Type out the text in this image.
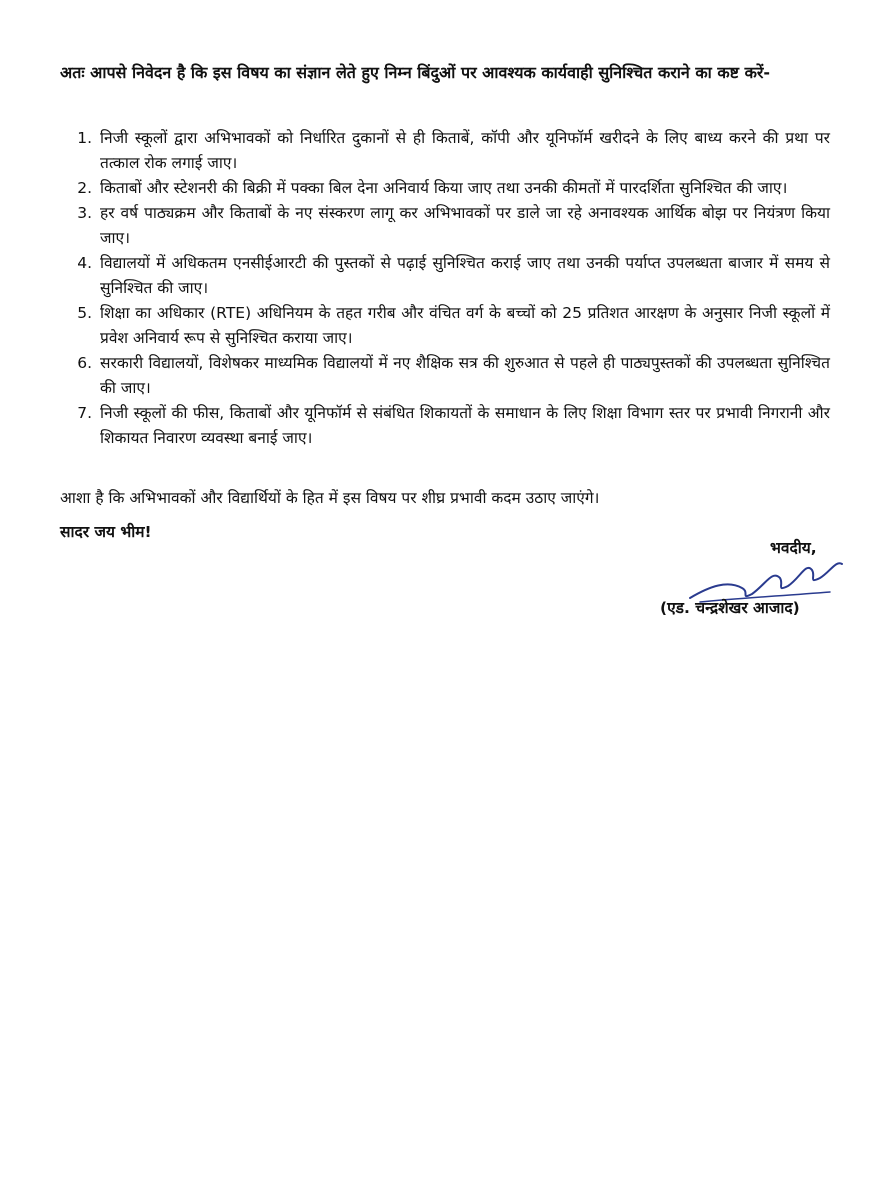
अतः आपसे निवेदन है कि इस विषय का संज्ञान लेते हुए निम्न बिंदुओं पर आवश्यक कार्यवाही सुनिश्चित कराने का कष्ट करें-

1. निजी स्कूलों द्वारा अभिभावकों को निर्धारित दुकानों से ही किताबें, कॉपी और यूनिफॉर्म खरीदने के लिए बाध्य करने की प्रथा पर तत्काल रोक लगाई जाए।
2. किताबों और स्टेशनरी की बिक्री में पक्का बिल देना अनिवार्य किया जाए तथा उनकी कीमतों में पारदर्शिता सुनिश्चित की जाए।
3. हर वर्ष पाठ्यक्रम और किताबों के नए संस्करण लागू कर अभिभावकों पर डाले जा रहे अनावश्यक आर्थिक बोझ पर नियंत्रण किया जाए।
4. विद्यालयों में अधिकतम एनसीईआरटी की पुस्तकों से पढ़ाई सुनिश्चित कराई जाए तथा उनकी पर्याप्त उपलब्धता बाजार में समय से सुनिश्चित की जाए।
5. शिक्षा का अधिकार (RTE) अधिनियम के तहत गरीब और वंचित वर्ग के बच्चों को 25 प्रतिशत आरक्षण के अनुसार निजी स्कूलों में प्रवेश अनिवार्य रूप से सुनिश्चित कराया जाए।
6. सरकारी विद्यालयों, विशेषकर माध्यमिक विद्यालयों में नए शैक्षिक सत्र की शुरुआत से पहले ही पाठ्यपुस्तकों की उपलब्धता सुनिश्चित की जाए।
7. निजी स्कूलों की फीस, किताबों और यूनिफॉर्म से संबंधित शिकायतों के समाधान के लिए शिक्षा विभाग स्तर पर प्रभावी निगरानी और शिकायत निवारण व्यवस्था बनाई जाए।

आशा है कि अभिभावकों और विद्यार्थियों के हित में इस विषय पर शीघ्र प्रभावी कदम उठाए जाएंगे।

सादर जय भीम!

भवदीय,

(एड. चन्द्रशेखर आजाद)
